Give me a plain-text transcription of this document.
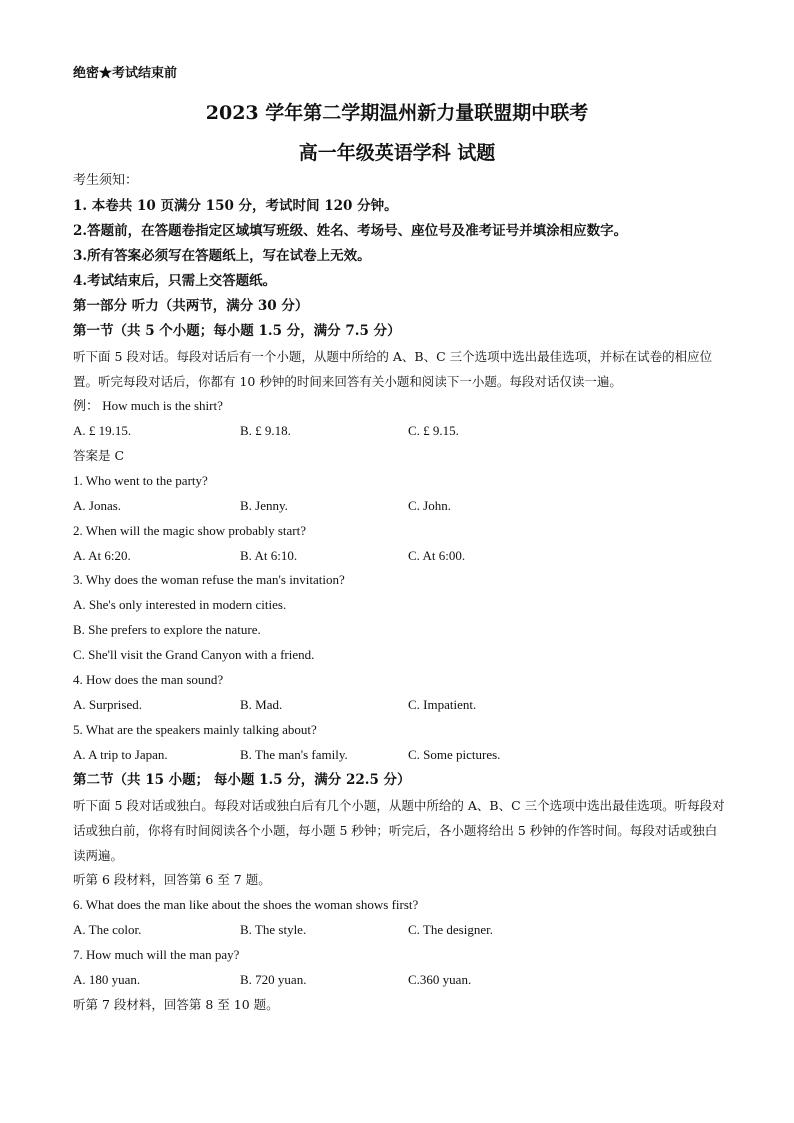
绝密★考试结束前
2023 学年第二学期温州新力量联盟期中联考
高一年级英语学科 试题
考生须知：
1. 本卷共 10 页满分 150 分，考试时间 120 分钟。
2.答题前，在答题卷指定区域填写班级、姓名、考场号、座位号及准考证号并填涂相应数字。
3.所有答案必须写在答题纸上，写在试卷上无效。
4.考试结束后，只需上交答题纸。
第一部分 听力（共两节，满分 30 分）
第一节（共 5 个小题；每小题 1.5 分，满分 7.5 分）
听下面 5 段对话。每段对话后有一个小题，从题中所给的 A、B、C 三个选项中选出最佳选项，并标在试卷的相应位置。听完每段对话后，你都有 10 秒钟的时间来回答有关小题和阅读下一小题。每段对话仅读一遍。
例： How much is the shirt?
A. £ 19.15.	B. £ 9.18.	C. £ 9.15.
答案是 C
1. Who went to the party?
A. Jonas.	B. Jenny.	C. John.
2. When will the magic show probably start?
A. At 6:20.	B. At 6:10.	C. At 6:00.
3. Why does the woman refuse the man's invitation?
A. She's only interested in modern cities.
B. She prefers to explore the nature.
C. She'll visit the Grand Canyon with a friend.
4. How does the man sound?
A. Surprised.	B. Mad.	C. Impatient.
5. What are the speakers mainly talking about?
A. A trip to Japan.	B. The man's family.	C. Some pictures.
第二节（共 15 小题； 每小题 1.5 分，满分 22.5 分）
听下面 5 段对话或独白。每段对话或独白后有几个小题，从题中所给的 A、B、C 三个选项中选出最佳选项。听每段对话或独白前，你将有时间阅读各个小题，每小题 5 秒钟；听完后，各小题将给出 5 秒钟的作答时间。每段对话或独白读两遍。
听第 6 段材料，回答第 6 至 7 题。
6. What does the man like about the shoes the woman shows first?
A. The color.	B. The style.	C. The designer.
7. How much will the man pay?
A. 180 yuan.	B. 720 yuan.	C.360 yuan.
听第 7 段材料，回答第 8 至 10 题。
